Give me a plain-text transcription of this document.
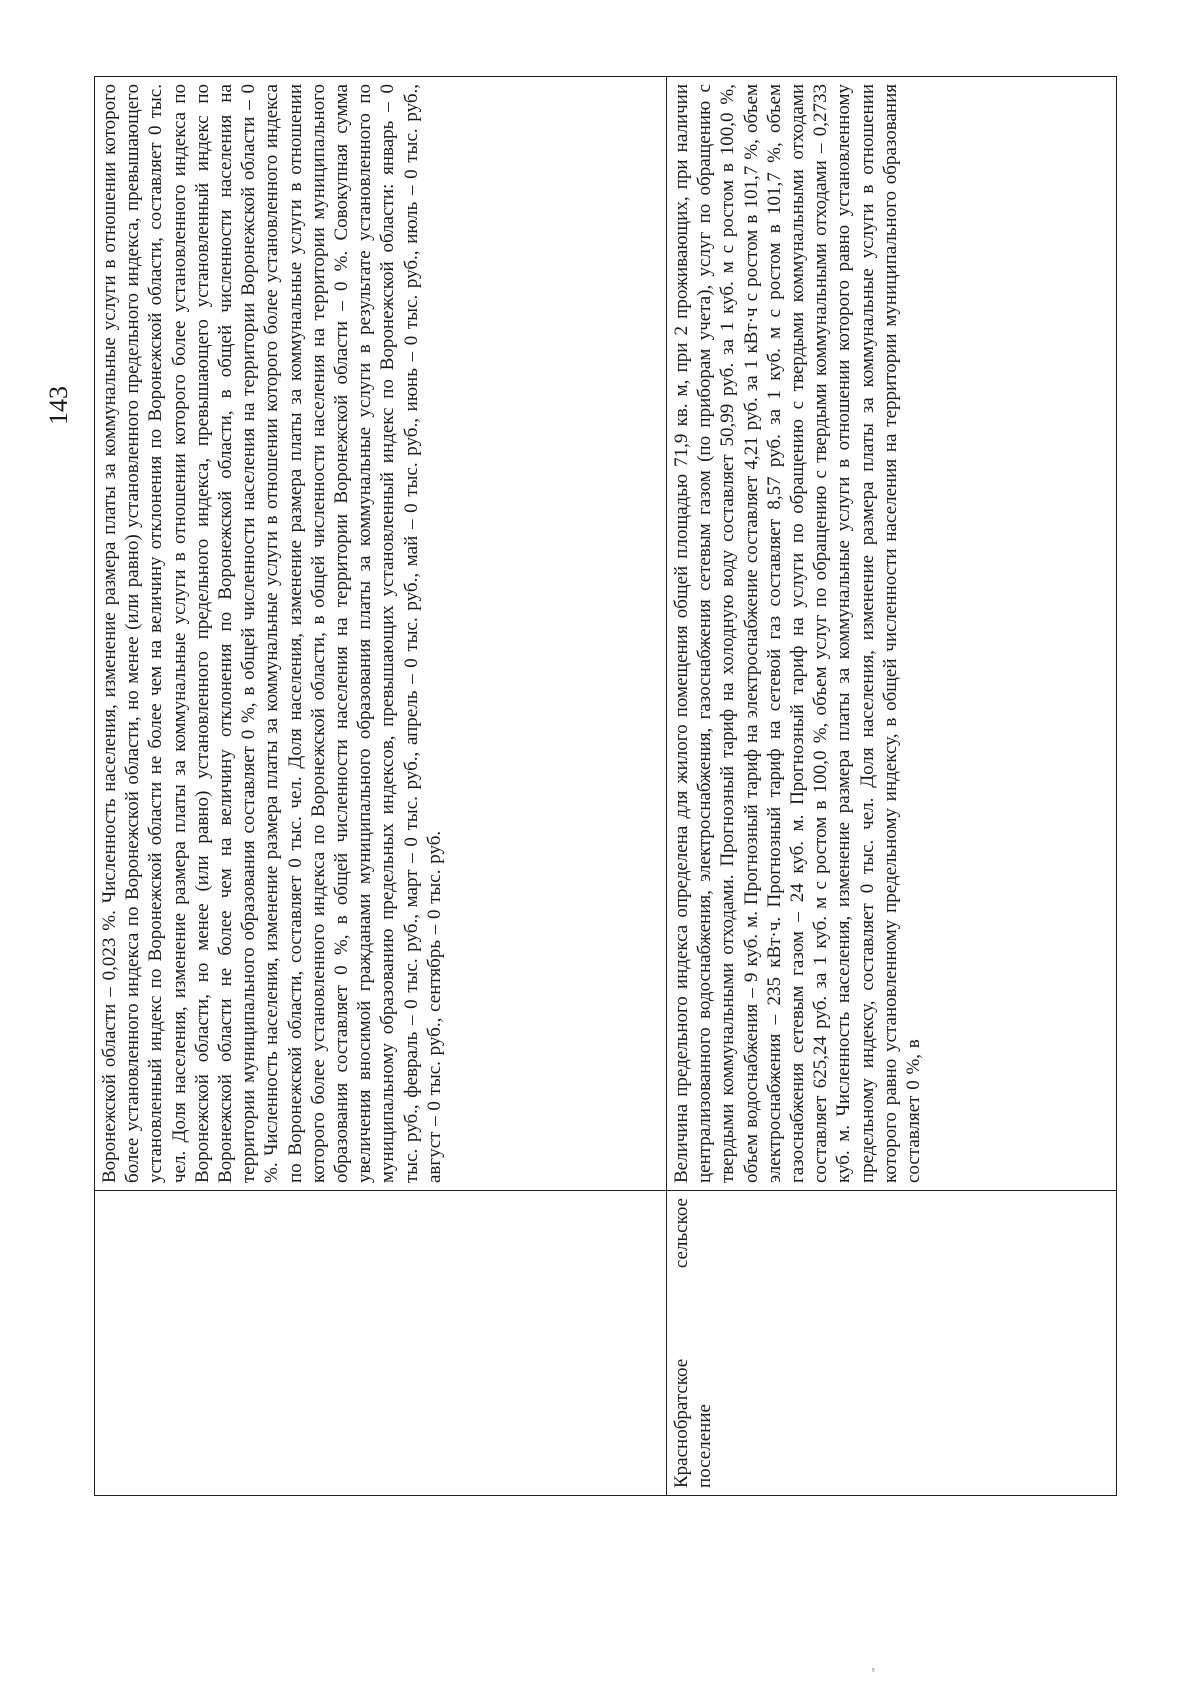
143
	Воронежской области – 0,023 %. Численность населения, изменение размера платы за коммунальные услуги в отношении которого более установленного индекса по Воронежской области, но менее (или равно) установленного предельного индекса, превышающего установленный индекс по Воронежской области не более чем на величину отклонения по Воронежской области, составляет 0 тыс. чел. Доля населения, изменение размера платы за коммунальные услуги в отношении которого более установленного индекса по Воронежской области, но менее (или равно) установленного предельного индекса, превышающего установленный индекс по Воронежской области не более чем на величину отклонения по Воронежской области, в общей численности населения на территории муниципального образования составляет 0 %, в общей численности населения на территории Воронежской области – 0 %. Численность населения, изменение размера платы за коммунальные услуги в отношении которого более установленного индекса по Воронежской области, составляет 0 тыс. чел. Доля населения, изменение размера платы за коммунальные услуги в отношении которого более установленного индекса по Воронежской области, в общей численности населения на территории муниципального образования составляет 0 %, в общей численности населения на территории Воронежской области – 0 %. Совокупная сумма увеличения вносимой гражданами муниципального образования платы за коммунальные услуги в результате установленного по муниципальному образованию предельных индексов, превышающих установленный индекс по Воронежской области: январь – 0 тыс. руб., февраль – 0 тыс. руб., март – 0 тыс. руб., апрель – 0 тыс. руб., май – 0 тыс. руб., июнь – 0 тыс. руб., июль – 0 тыс. руб., август – 0 тыс. руб., сентябрь – 0 тыс. руб.
Краснобратское сельское поселение	Величина предельного индекса определена для жилого помещения общей площадью 71,9 кв. м, при 2 проживающих, при наличии централизованного водоснабжения, электроснабжения, газоснабжения сетевым газом (по приборам учета), услуг по обращению с твердыми коммунальными отходами. Прогнозный тариф на холодную воду составляет 50,99 руб. за 1 куб. м с ростом в 100,0 %, объем водоснабжения – 9 куб. м. Прогнозный тариф на электроснабжение составляет 4,21 руб. за 1 кВт·ч с ростом в 101,7 %, объем электроснабжения – 235 кВт·ч. Прогнозный тариф на сетевой газ составляет 8,57 руб. за 1 куб. м с ростом в 101,7 %, объем газоснабжения сетевым газом – 24 куб. м. Прогнозный тариф на услуги по обращению с твердыми коммунальными отходами составляет 625,24 руб. за 1 куб. м с ростом в 100,0 %, объем услуг по обращению с твердыми коммунальными отходами – 0,2733 куб. м. Численность населения, изменение размера платы за коммунальные услуги в отношении которого равно установленному предельному индексу, составляет 0 тыс. чел. Доля населения, изменение размера платы за коммунальные услуги в отношении которого равно установленному предельному индексу, в общей численности населения на территории муниципального образования составляет 0 %, в
ˢ
